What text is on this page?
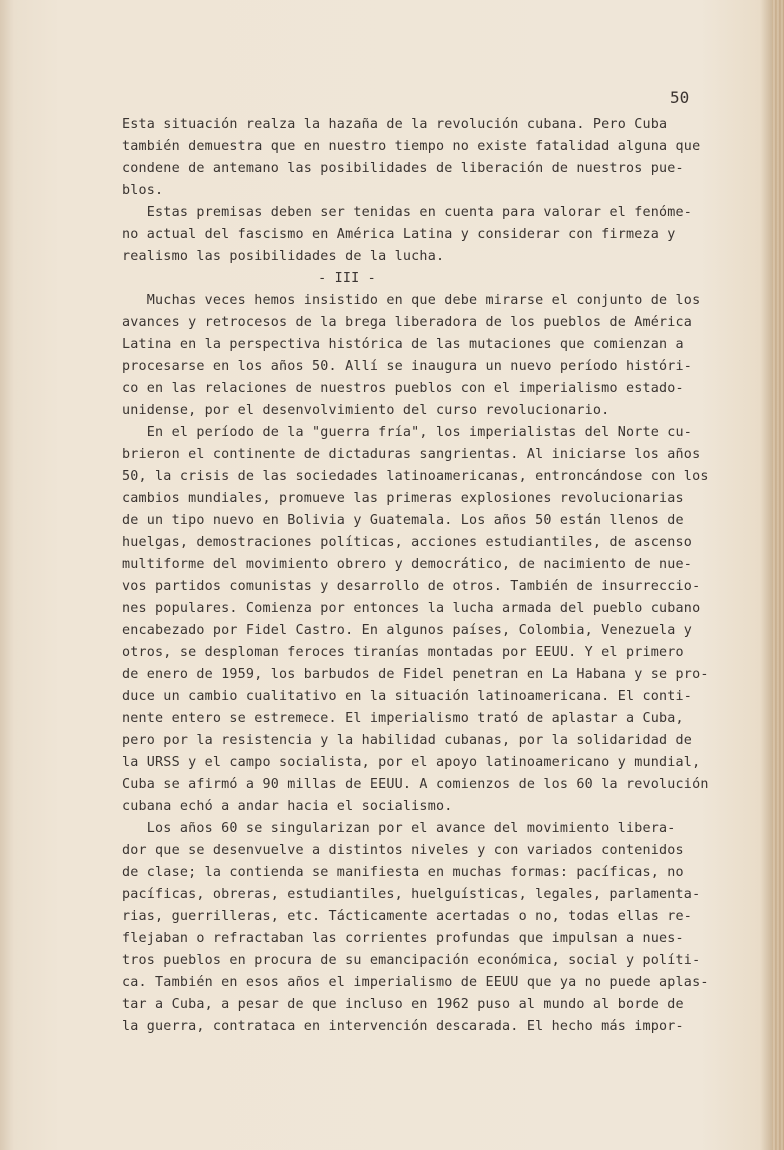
50
Esta situación realza la hazaña de la revolución cubana. Pero Cuba
también demuestra que en nuestro tiempo no existe fatalidad alguna que
condene de antemano las posibilidades de liberación de nuestros pue-
blos.
Estas premisas deben ser tenidas en cuenta para valorar el fenóme-
no actual del fascismo en América Latina y considerar con firmeza y
realismo las posibilidades de la lucha.
- III -
Muchas veces hemos insistido en que debe mirarse el conjunto de los
avances y retrocesos de la brega liberadora de los pueblos de América
Latina en la perspectiva histórica de las mutaciones que comienzan a
procesarse en los años 50. Allí se inaugura un nuevo período históri-
co en las relaciones de nuestros pueblos con el imperialismo estado-
unidense, por el desenvolvimiento del curso revolucionario.
En el período de la "guerra fría", los imperialistas del Norte cu-
brieron el continente de dictaduras sangrientas. Al iniciarse los años
50, la crisis de las sociedades latinoamericanas, entroncándose con los
cambios mundiales, promueve las primeras explosiones revolucionarias
de un tipo nuevo en Bolivia y Guatemala. Los años 50 están llenos de
huelgas, demostraciones políticas, acciones estudiantiles, de ascenso
multiforme del movimiento obrero y democrático, de nacimiento de nue-
vos partidos comunistas y desarrollo de otros. También de insurreccio-
nes populares. Comienza por entonces la lucha armada del pueblo cubano
encabezado por Fidel Castro. En algunos países, Colombia, Venezuela y
otros, se desploman feroces tiranías montadas por EEUU. Y el primero
de enero de 1959, los barbudos de Fidel penetran en La Habana y se pro-
duce un cambio cualitativo en la situación latinoamericana. El conti-
nente entero se estremece. El imperialismo trató de aplastar a Cuba,
pero por la resistencia y la habilidad cubanas, por la solidaridad de
la URSS y el campo socialista, por el apoyo latinoamericano y mundial,
Cuba se afirmó a 90 millas de EEUU. A comienzos de los 60 la revolución
cubana echó a andar hacia el socialismo.
Los años 60 se singularizan por el avance del movimiento libera-
dor que se desenvuelve a distintos niveles y con variados contenidos
de clase; la contienda se manifiesta en muchas formas: pacíficas, no
pacíficas, obreras, estudiantiles, huelguísticas, legales, parlamenta-
rias, guerrilleras, etc. Tácticamente acertadas o no, todas ellas re-
flejaban o refractaban las corrientes profundas que impulsan a nues-
tros pueblos en procura de su emancipación económica, social y políti-
ca. También en esos años el imperialismo de EEUU que ya no puede aplas-
tar a Cuba, a pesar de que incluso en 1962 puso al mundo al borde de
la guerra, contrataca en intervención descarada. El hecho más impor-
